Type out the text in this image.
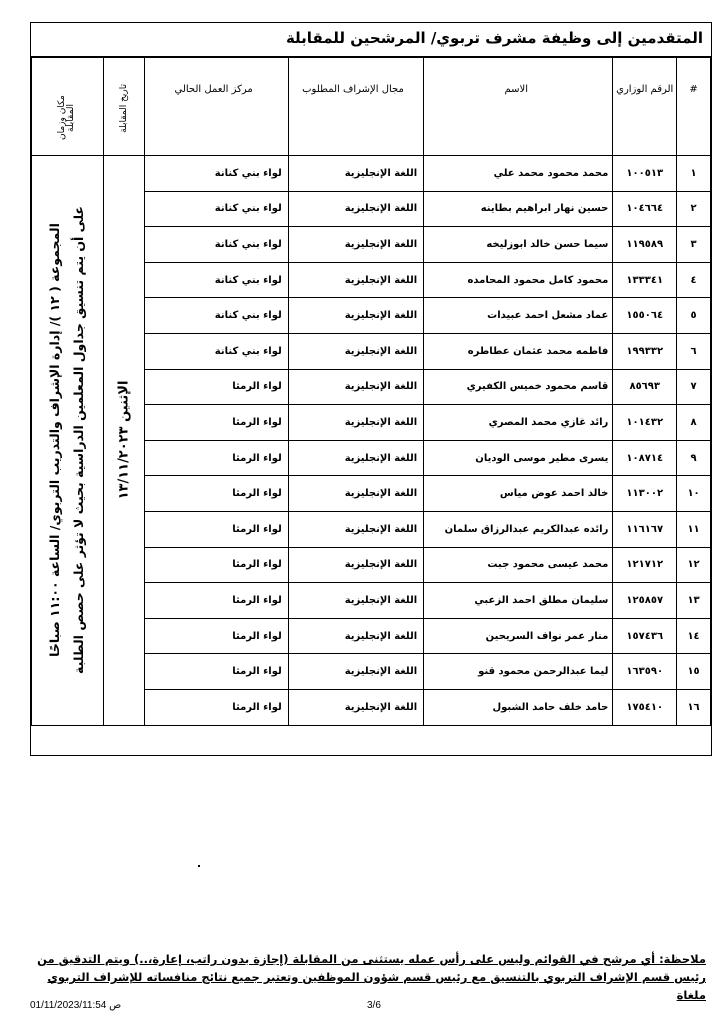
المتقدمين إلى وظيفة مشرف تربوي/ المرشحين للمقابلة
#	الرقم الوزاري	الاسم	مجال الإشراف المطلوب	مركز العمل الحالي	تاريخ المقابلة	مكان وزمان المقابلة
١	١٠٠٥١٣	محمد محمود محمد علي	اللغة الإنجليزية	لواء بني كنانة	الإثنين ١٣/١١/٢٠٢٣	المجموعة ( ١٢ )/ إدارة الإشراف والتدريب التربوي/ الساعة ١١:٠٠ صباحًا على أن يتم تنسيق جداول المعلمين الدراسية بحيث لا تؤثر على حصص الطلبة

٢	١٠٤٦٦٤	حسين نهار ابراهيم بطاينه	اللغة الإنجليزية	لواء بني كنانة		
٣	١١٩٥٨٩	سيما حسن خالد ابوزليخه	اللغة الإنجليزية	لواء بني كنانة		
٤	١٣٣٣٤١	محمود كامل محمود المحامده	اللغة الإنجليزية	لواء بني كنانة		
٥	١٥٥٠٦٤	عماد مشعل احمد عبيدات	اللغة الإنجليزية	لواء بني كنانة		
٦	١٩٩٣٣٢	فاطمه محمد عثمان عطاطره	اللغة الإنجليزية	لواء بني كنانة		
٧	٨٥٦٩٣	قاسم محمود خميس الكفيري	اللغة الإنجليزية	لواء الرمثا		
٨	١٠١٤٣٢	رائد غازي محمد المصري	اللغة الإنجليزية	لواء الرمثا		
٩	١٠٨٧١٤	يسرى مطير موسى الوديان	اللغة الإنجليزية	لواء الرمثا		
١٠	١١٣٠٠٢	خالد احمد عوض مياس	اللغة الإنجليزية	لواء الرمثا		
١١	١١٦١٦٧	رائده عبدالكريم عبدالرزاق سلمان	اللغة الإنجليزية	لواء الرمثا		
١٢	١٢١٧١٢	محمد عيسى محمود جبت	اللغة الإنجليزية	لواء الرمثا		
١٣	١٢٥٨٥٧	سليمان مطلق احمد الزعبي	اللغة الإنجليزية	لواء الرمثا		
١٤	١٥٧٤٣٦	منار عمر نواف السريحين	اللغة الإنجليزية	لواء الرمثا		
١٥	١٦٣٥٩٠	ليما عبدالرحمن محمود قنو	اللغة الإنجليزية	لواء الرمثا		
١٦	١٧٥٤١٠	حامد خلف حامد الشبول	اللغة الإنجليزية	لواء الرمثا		
ملاحظة: أي مرشح في القوائم وليس على رأس عمله يستثنى من المقابلة (إجازة بدون راتب، إعارة،..) ويتم التدقيق من
رئيس قسم الإشراف التربوي بالتنسيق مع رئيس قسم شؤون الموظفين وتعتبر جميع نتائج منافساته للإشراف التربوي ملغاة
01/11/2023/11:54 ص	3/6
